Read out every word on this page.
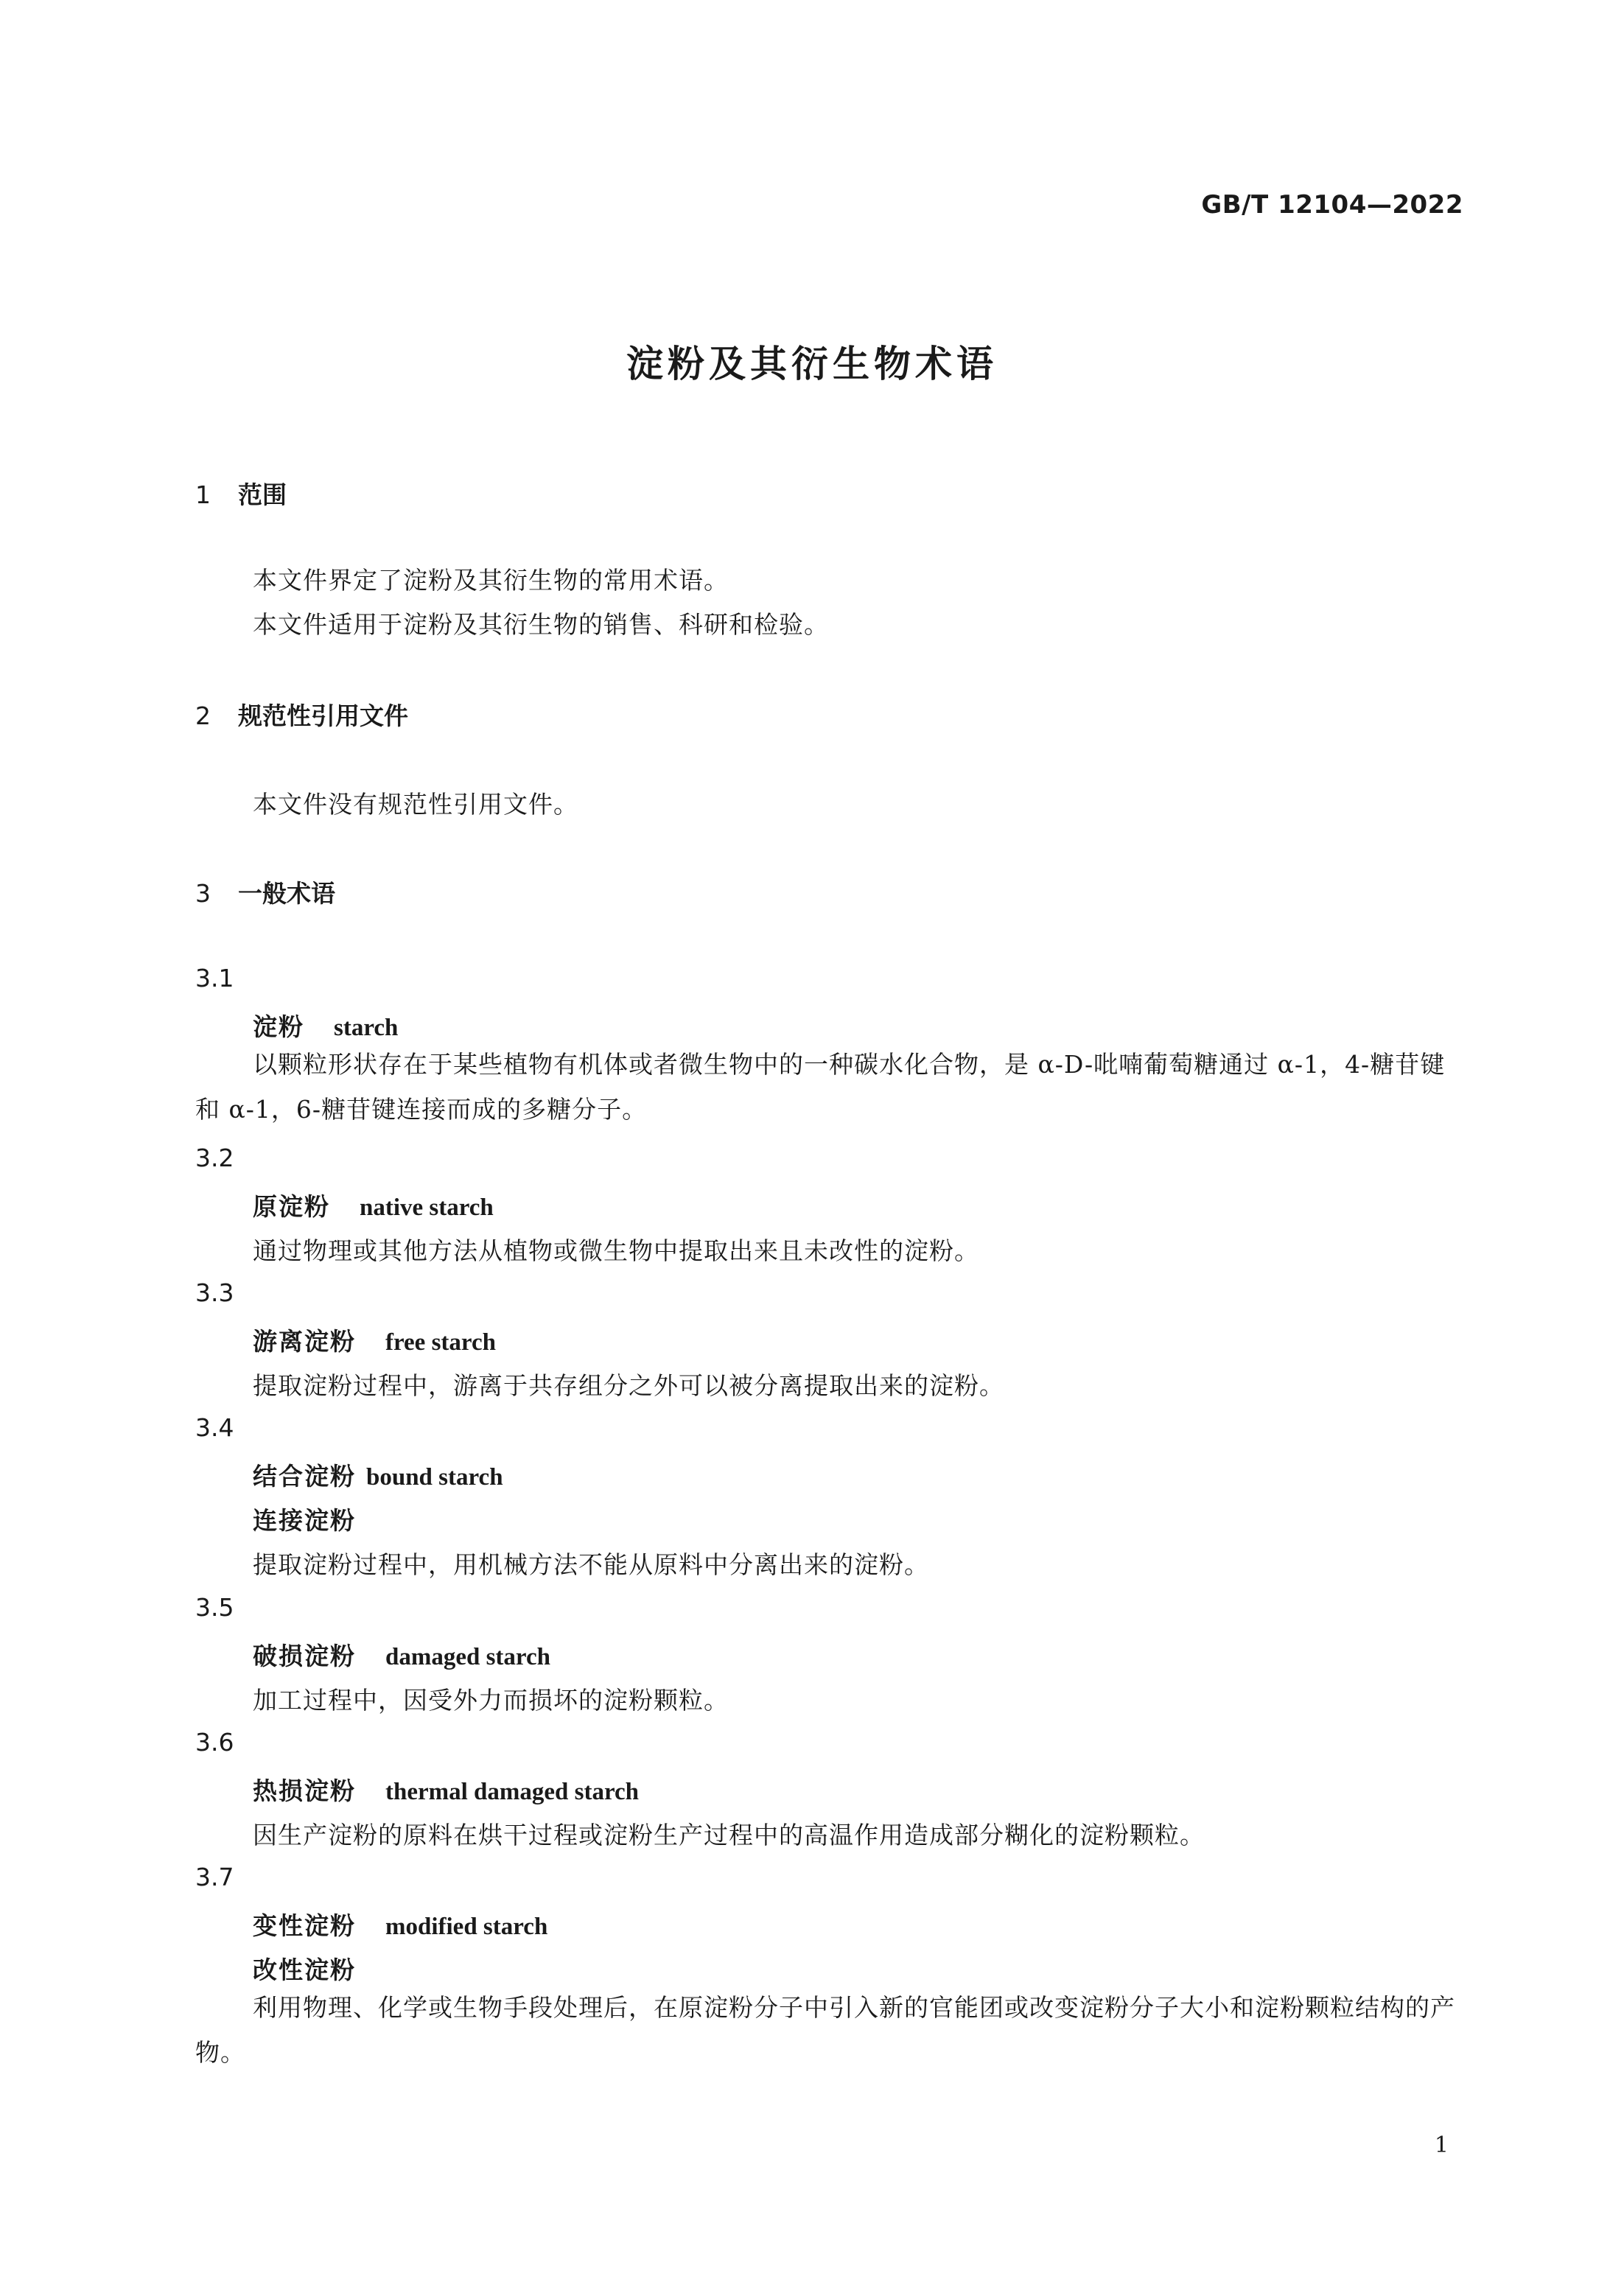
GB/T 12104—2022
淀粉及其衍生物术语
1 范围
本文件界定了淀粉及其衍生物的常用术语。
本文件适用于淀粉及其衍生物的销售、科研和检验。
2 规范性引用文件
本文件没有规范性引用文件。
3 一般术语
3.1
淀粉 starch
以颗粒形状存在于某些植物有机体或者微生物中的一种碳水化合物，是 α-D-吡喃葡萄糖通过 α-1，4-糖苷键和 α-1，6-糖苷键连接而成的多糖分子。
3.2
原淀粉 native starch
通过物理或其他方法从植物或微生物中提取出来且未改性的淀粉。
3.3
游离淀粉 free starch
提取淀粉过程中，游离于共存组分之外可以被分离提取出来的淀粉。
3.4
结合淀粉 bound starch
连接淀粉
提取淀粉过程中，用机械方法不能从原料中分离出来的淀粉。
3.5
破损淀粉 damaged starch
加工过程中，因受外力而损坏的淀粉颗粒。
3.6
热损淀粉 thermal damaged starch
因生产淀粉的原料在烘干过程或淀粉生产过程中的高温作用造成部分糊化的淀粉颗粒。
3.7
变性淀粉 modified starch
改性淀粉
利用物理、化学或生物手段处理后，在原淀粉分子中引入新的官能团或改变淀粉分子大小和淀粉颗粒结构的产物。
1
